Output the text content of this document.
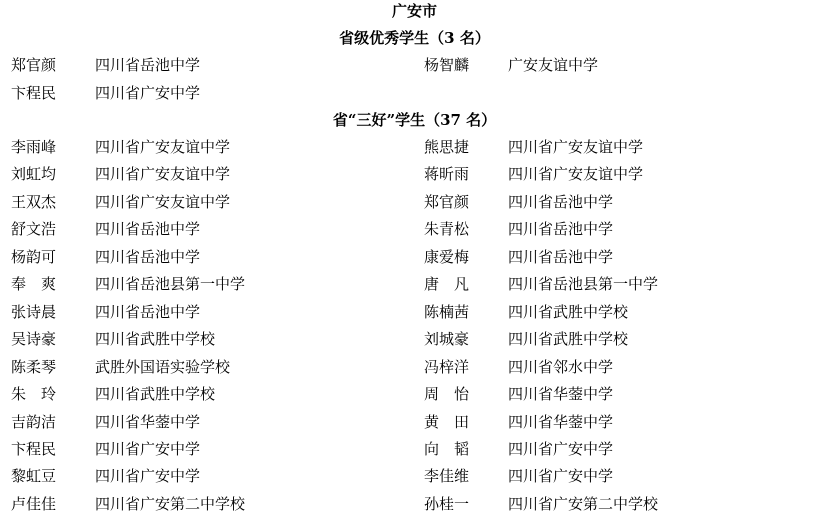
广安市
省级优秀学生（3 名）
省“三好”学生（37 名）
郑官颜	四川省岳池中学	杨智麟	广安友谊中学
卞程民	四川省广安中学
李雨峰	四川省广安友谊中学	熊思捷	四川省广安友谊中学
刘虹均	四川省广安友谊中学	蒋昕雨	四川省广安友谊中学
王双杰	四川省广安友谊中学	郑官颜	四川省岳池中学
舒文浩	四川省岳池中学	朱青松	四川省岳池中学
杨韵可	四川省岳池中学	康爱梅	四川省岳池中学
奉　爽	四川省岳池县第一中学	唐　凡	四川省岳池县第一中学
张诗晨	四川省岳池中学	陈楠茜	四川省武胜中学校
吴诗豪	四川省武胜中学校	刘城豪	四川省武胜中学校
陈柔琴	武胜外国语实验学校	冯梓洋	四川省邻水中学
朱　玲	四川省武胜中学校	周　怡	四川省华蓥中学
吉韵洁	四川省华蓥中学	黄　田	四川省华蓥中学
卞程民	四川省广安中学	向　韬	四川省广安中学
黎虹豆	四川省广安中学	李佳维	四川省广安中学
卢佳佳	四川省广安第二中学校	孙桂一	四川省广安第二中学校
